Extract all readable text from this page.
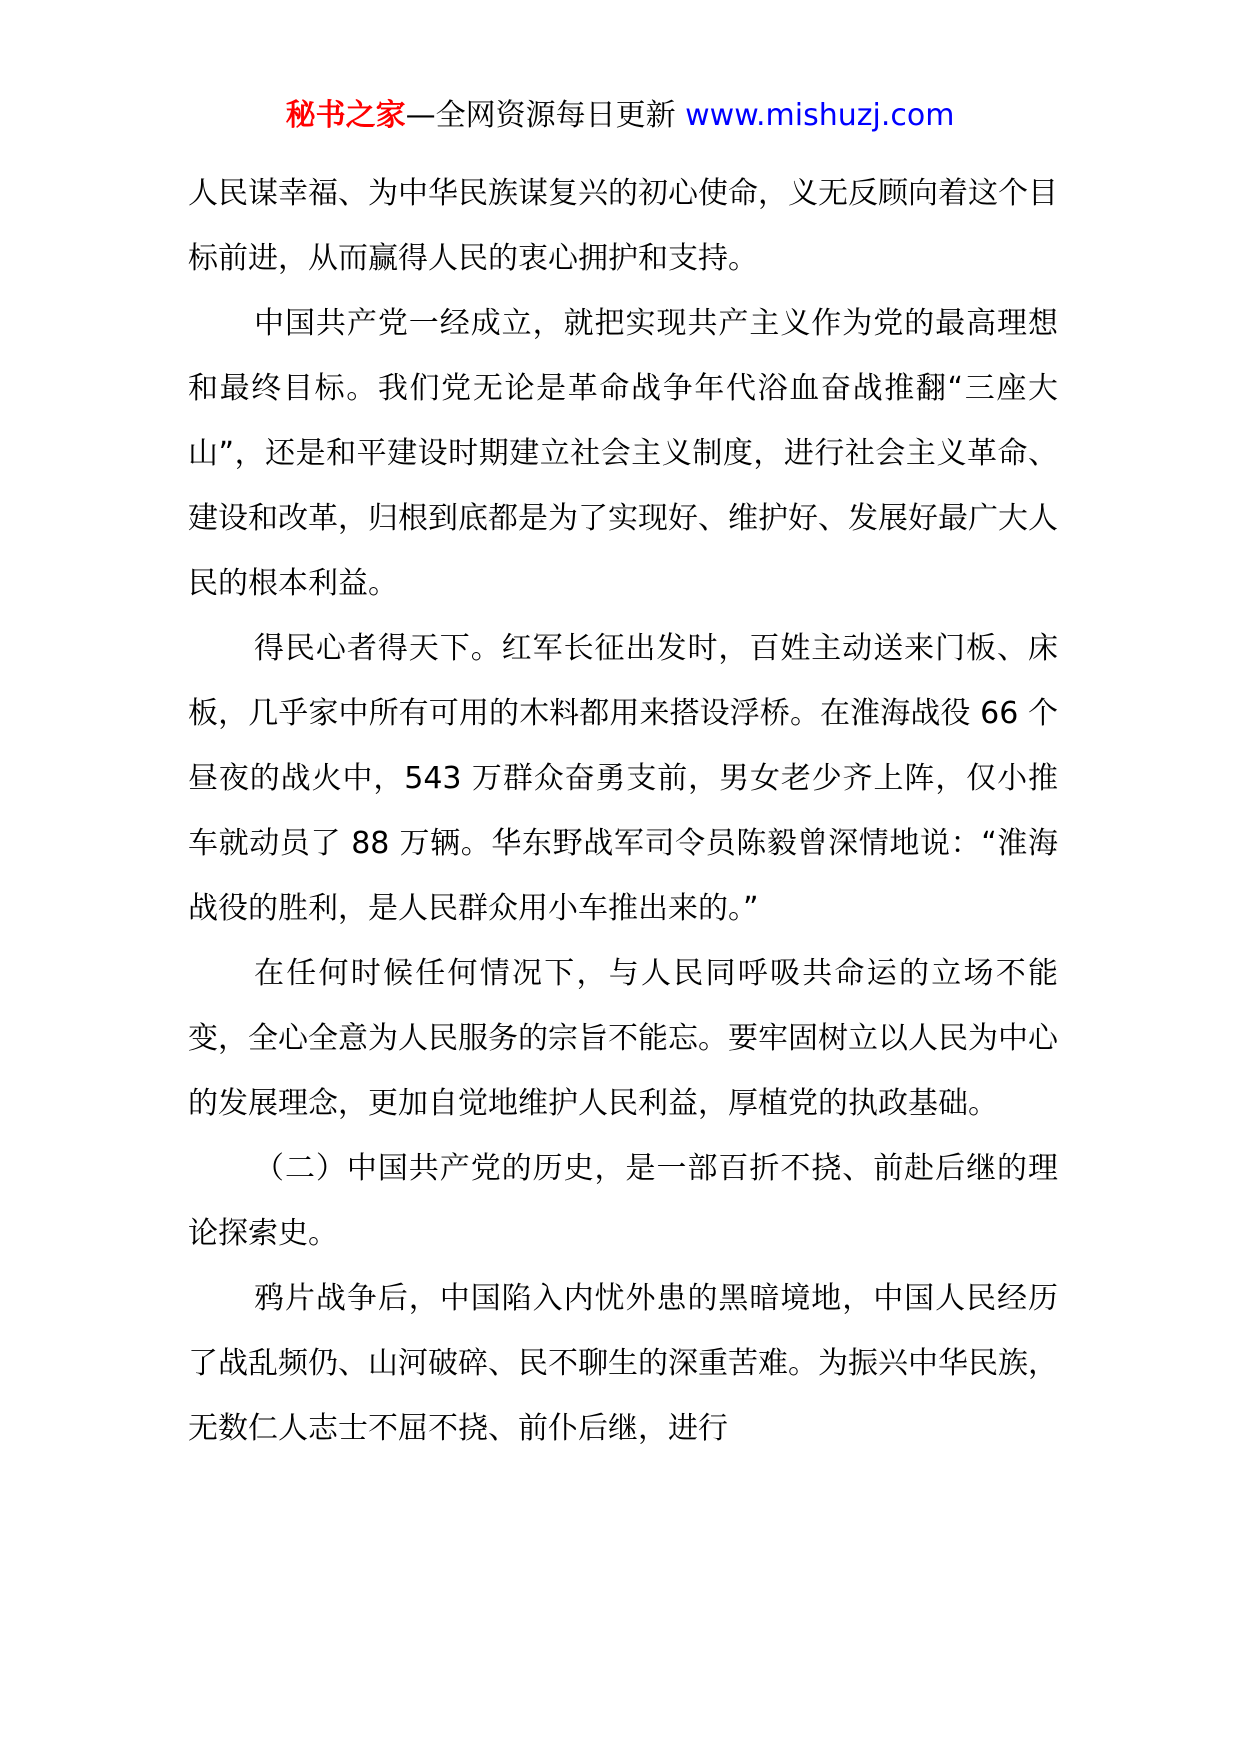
秘书之家—全网资源每日更新 www.mishuzj.com

人民谋幸福、为中华民族谋复兴的初心使命，义无反顾向着这个目标前进，从而赢得人民的衷心拥护和支持。

中国共产党一经成立，就把实现共产主义作为党的最高理想和最终目标。我们党无论是革命战争年代浴血奋战推翻“三座大山”，还是和平建设时期建立社会主义制度，进行社会主义革命、建设和改革，归根到底都是为了实现好、维护好、发展好最广大人民的根本利益。

得民心者得天下。红军长征出发时，百姓主动送来门板、床板，几乎家中所有可用的木料都用来搭设浮桥。在淮海战役 66 个昼夜的战火中，543 万群众奋勇支前，男女老少齐上阵，仅小推车就动员了 88 万辆。华东野战军司令员陈毅曾深情地说：“淮海战役的胜利，是人民群众用小车推出来的。”

在任何时候任何情况下，与人民同呼吸共命运的立场不能变，全心全意为人民服务的宗旨不能忘。要牢固树立以人民为中心的发展理念，更加自觉地维护人民利益，厚植党的执政基础。

（二）中国共产党的历史，是一部百折不挠、前赴后继的理论探索史。

鸦片战争后，中国陷入内忧外患的黑暗境地，中国人民经历了战乱频仍、山河破碎、民不聊生的深重苦难。为振兴中华民族，无数仁人志士不屈不挠、前仆后继，进行
